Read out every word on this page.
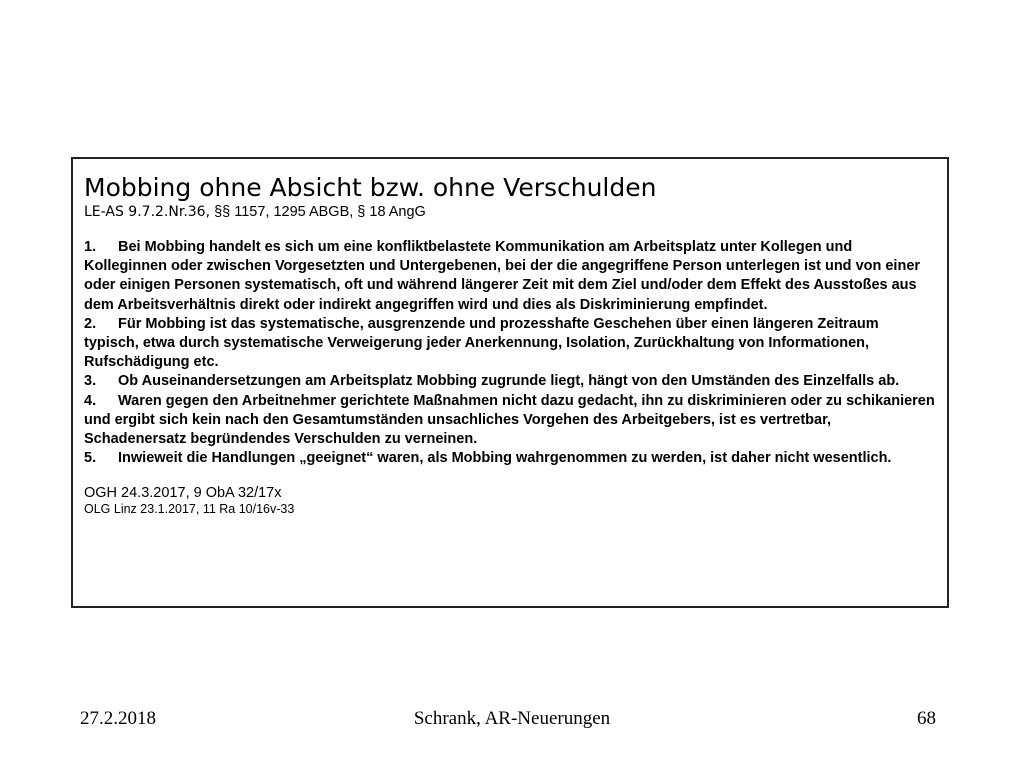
Mobbing ohne Absicht bzw. ohne Verschulden

LE-AS 9.7.2.Nr.36, §§ 1157, 1295 ABGB, § 18 AngG

1. Bei Mobbing handelt es sich um eine konfliktbelastete Kommunikation am Arbeitsplatz unter Kollegen und Kolleginnen oder zwischen Vorgesetzten und Untergebenen, bei der die angegriffene Person unterlegen ist und von einer oder einigen Personen systematisch, oft und während längerer Zeit mit dem Ziel und/oder dem Effekt des Ausstoßes aus dem Arbeitsverhältnis direkt oder indirekt angegriffen wird und dies als Diskriminierung empfindet.

2. Für Mobbing ist das systematische, ausgrenzende und prozesshafte Geschehen über einen längeren Zeitraum typisch, etwa durch systematische Verweigerung jeder Anerkennung, Isolation, Zurückhaltung von Informationen, Rufschädigung etc.

3. Ob Auseinandersetzungen am Arbeitsplatz Mobbing zugrunde liegt, hängt von den Umständen des Einzelfalls ab.

4. Waren gegen den Arbeitnehmer gerichtete Maßnahmen nicht dazu gedacht, ihn zu diskriminieren oder zu schikanieren und ergibt sich kein nach den Gesamtumständen unsachliches Vorgehen des Arbeitgebers, ist es vertretbar, Schadenersatz begründendes Verschulden zu verneinen.

5. Inwieweit die Handlungen „geeignet“ waren, als Mobbing wahrgenommen zu werden, ist daher nicht wesentlich.

OGH 24.3.2017, 9 ObA 32/17x

OLG Linz 23.1.2017, 11 Ra 10/16v-33

Schrank, AR-Neuerungen
27.2.2018	68
